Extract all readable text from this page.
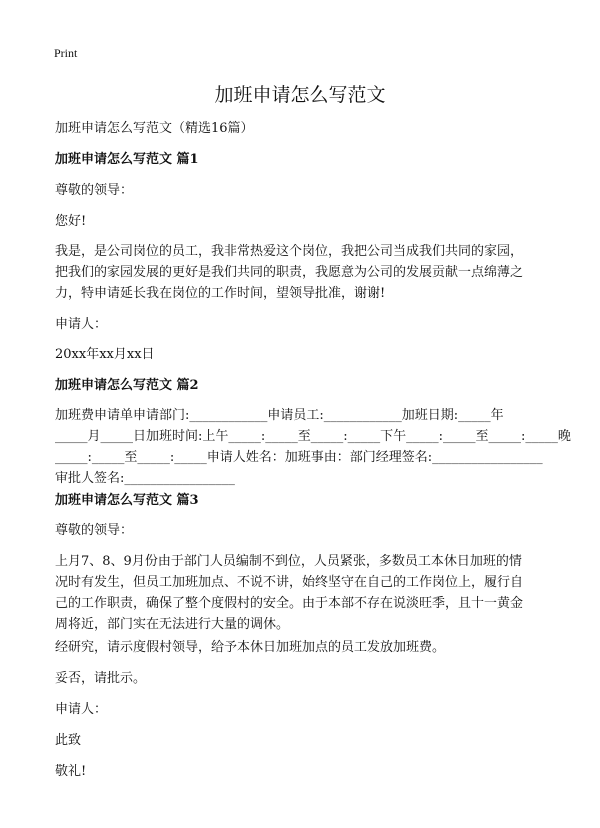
Print
加班申请怎么写范文
加班申请怎么写范文（精选16篇）
加班申请怎么写范文 篇1
尊敬的领导：
您好!
我是，是公司岗位的员工，我非常热爱这个岗位，我把公司当成我们共同的家园，
把我们的家园发展的更好是我们共同的职责，我愿意为公司的发展贡献一点绵薄之
力，特申请延长我在岗位的工作时间，望领导批准，谢谢!
申请人：
20xx年xx月xx日
加班申请怎么写范文 篇2
加班费申请单申请部门:____________申请员工:____________加班日期:_____年
_____月_____日加班时间:上午_____:_____至_____:_____下午_____:_____至_____:_____晚
_____:_____至_____:_____申请人姓名：加班事由：部门经理签名:_________________
审批人签名:_________________
加班申请怎么写范文 篇3
尊敬的领导：
上月7、8、9月份由于部门人员编制不到位，人员紧张，多数员工本休日加班的情
况时有发生，但员工加班加点、不说不讲，始终坚守在自己的工作岗位上，履行自
己的工作职责，确保了整个度假村的安全。由于本部不存在说淡旺季，且十一黄金
周将近，部门实在无法进行大量的调休。
经研究，请示度假村领导，给予本休日加班加点的员工发放加班费。
妥否，请批示。
申请人：
此致
敬礼!
